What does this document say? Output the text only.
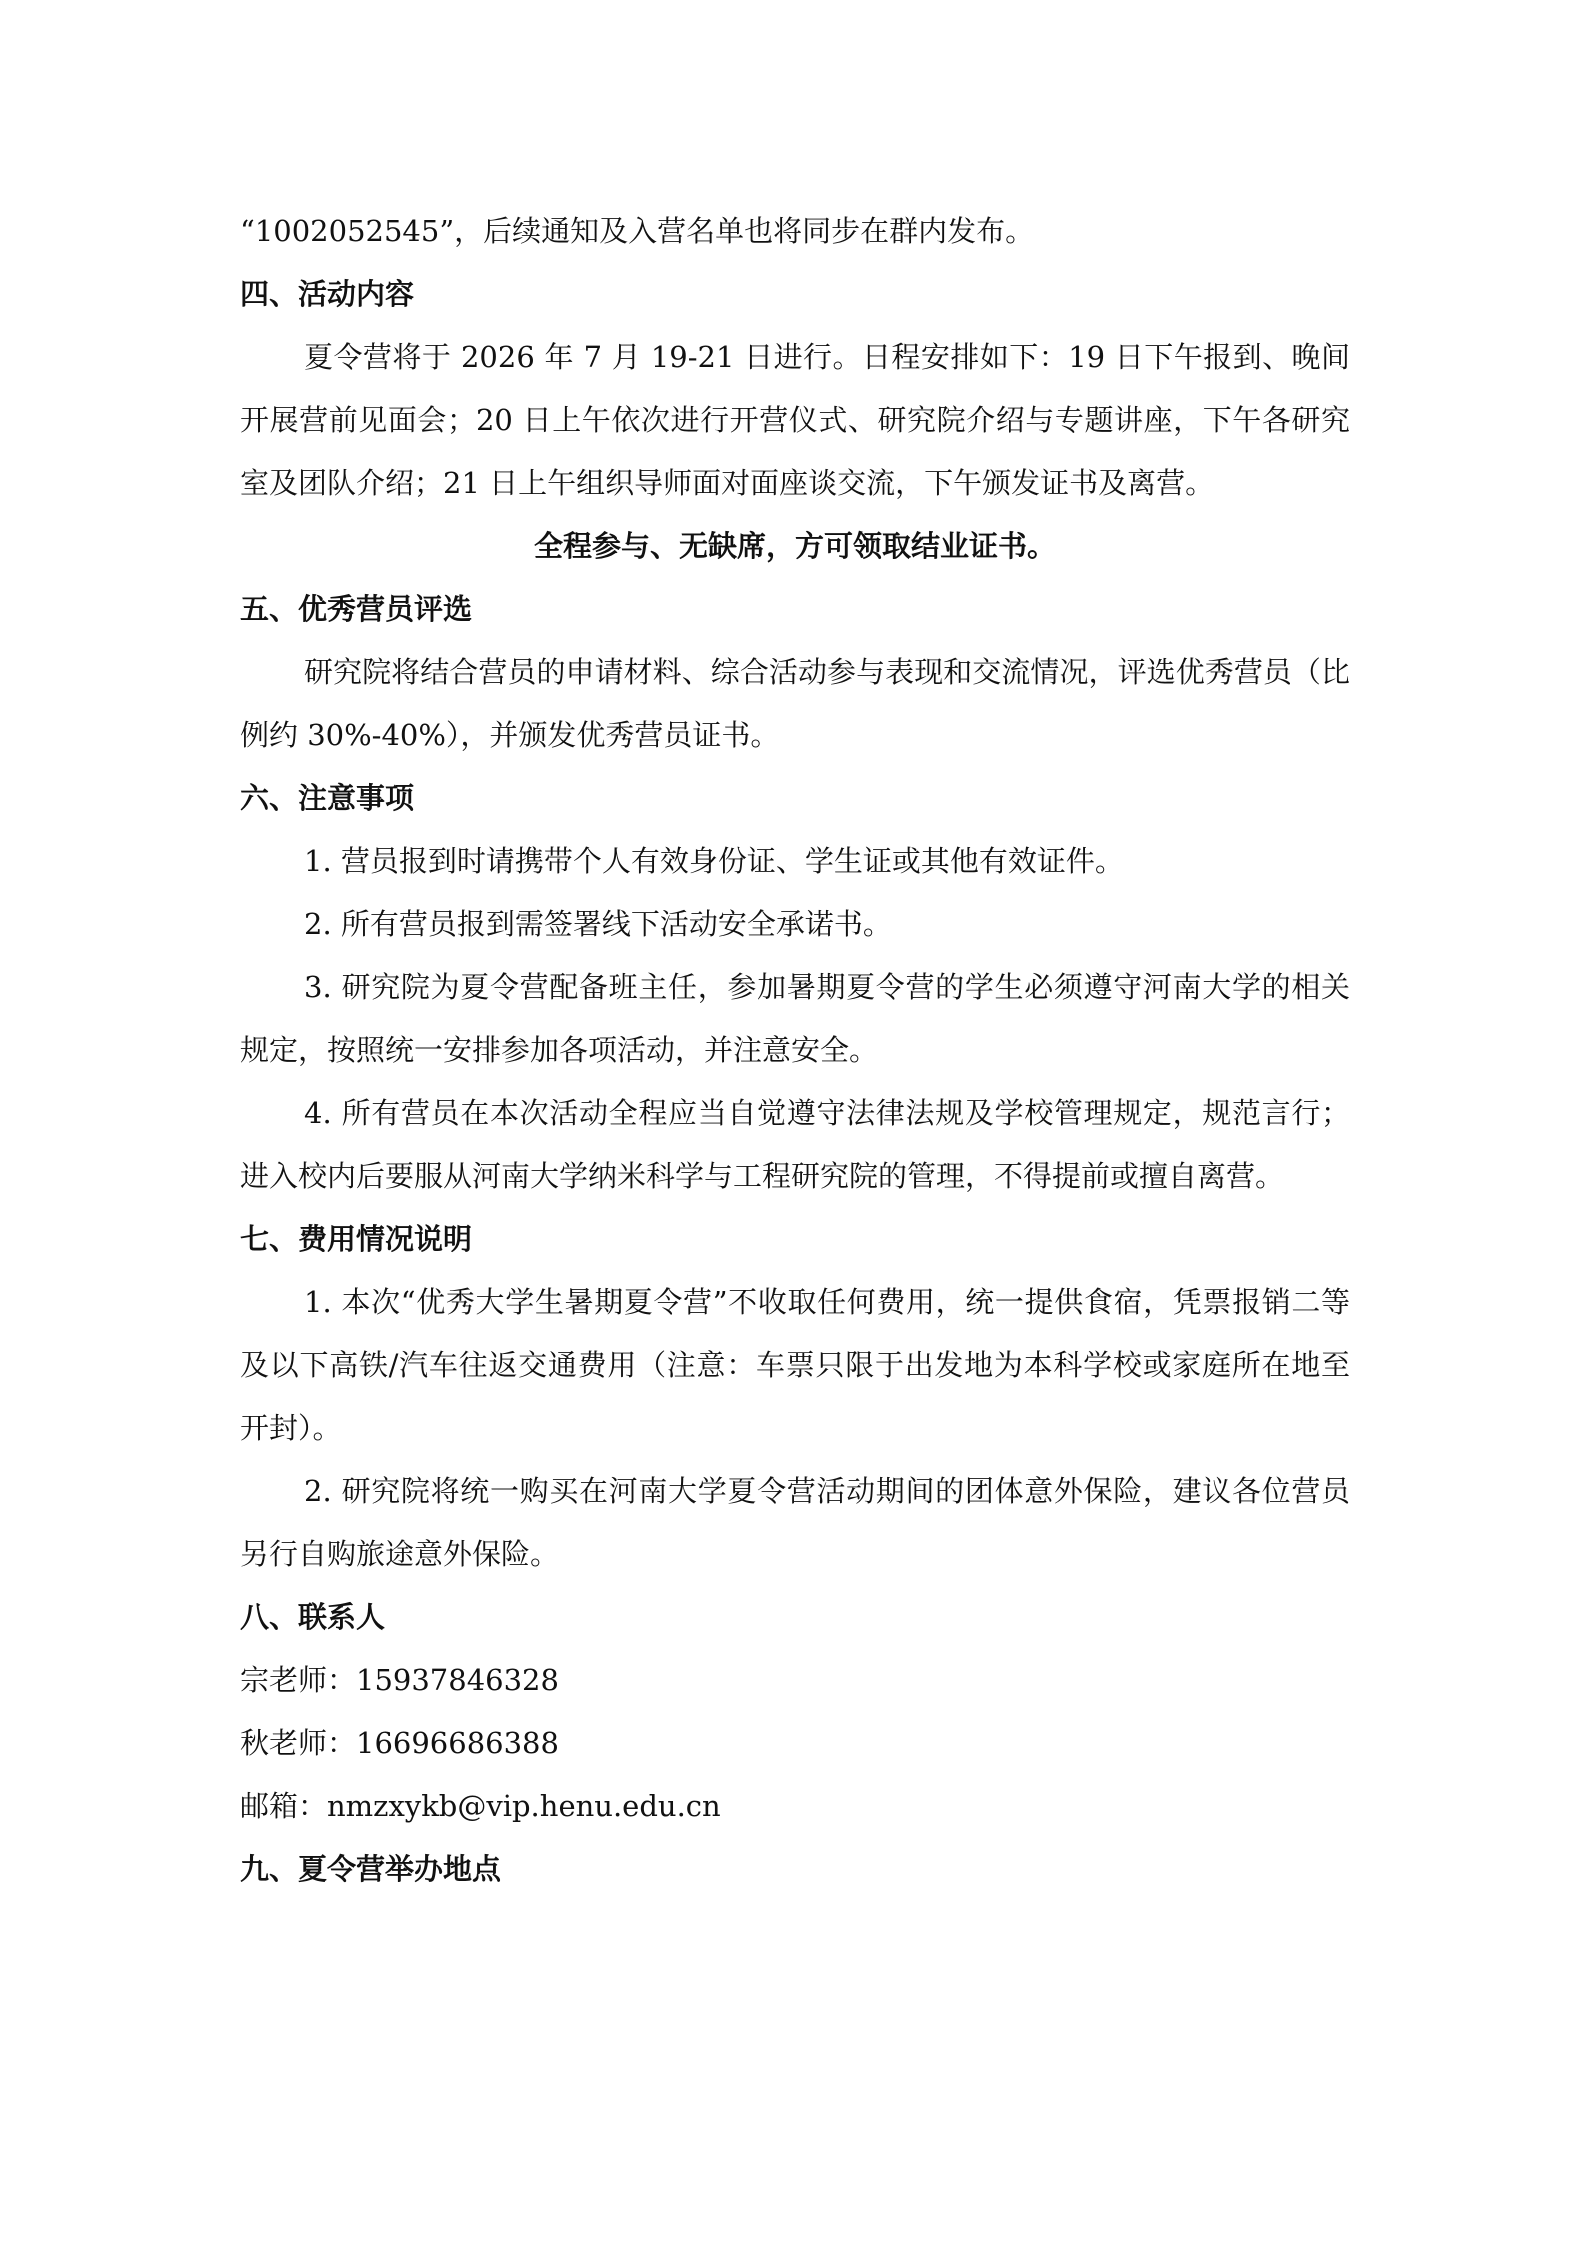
“1002052545”，后续通知及入营名单也将同步在群内发布。

四、活动内容

夏令营将于 2026 年 7 月 19-21 日进行。日程安排如下：19 日下午报到、晚间开展营前见面会；20 日上午依次进行开营仪式、研究院介绍与专题讲座，下午各研究室及团队介绍；21 日上午组织导师面对面座谈交流，下午颁发证书及离营。

全程参与、无缺席，方可领取结业证书。

五、优秀营员评选

研究院将结合营员的申请材料、综合活动参与表现和交流情况，评选优秀营员（比例约 30%-40%），并颁发优秀营员证书。

六、注意事项

1. 营员报到时请携带个人有效身份证、学生证或其他有效证件。

2. 所有营员报到需签署线下活动安全承诺书。

3. 研究院为夏令营配备班主任，参加暑期夏令营的学生必须遵守河南大学的相关规定，按照统一安排参加各项活动，并注意安全。

4. 所有营员在本次活动全程应当自觉遵守法律法规及学校管理规定，规范言行；进入校内后要服从河南大学纳米科学与工程研究院的管理，不得提前或擅自离营。

七、费用情况说明

1. 本次“优秀大学生暑期夏令营”不收取任何费用，统一提供食宿，凭票报销二等及以下高铁/汽车往返交通费用（注意：车票只限于出发地为本科学校或家庭所在地至开封）。

2. 研究院将统一购买在河南大学夏令营活动期间的团体意外保险，建议各位营员另行自购旅途意外保险。

八、联系人

宗老师：15937846328

秋老师：16696686388

邮箱：nmzxykb@vip.henu.edu.cn

九、夏令营举办地点
